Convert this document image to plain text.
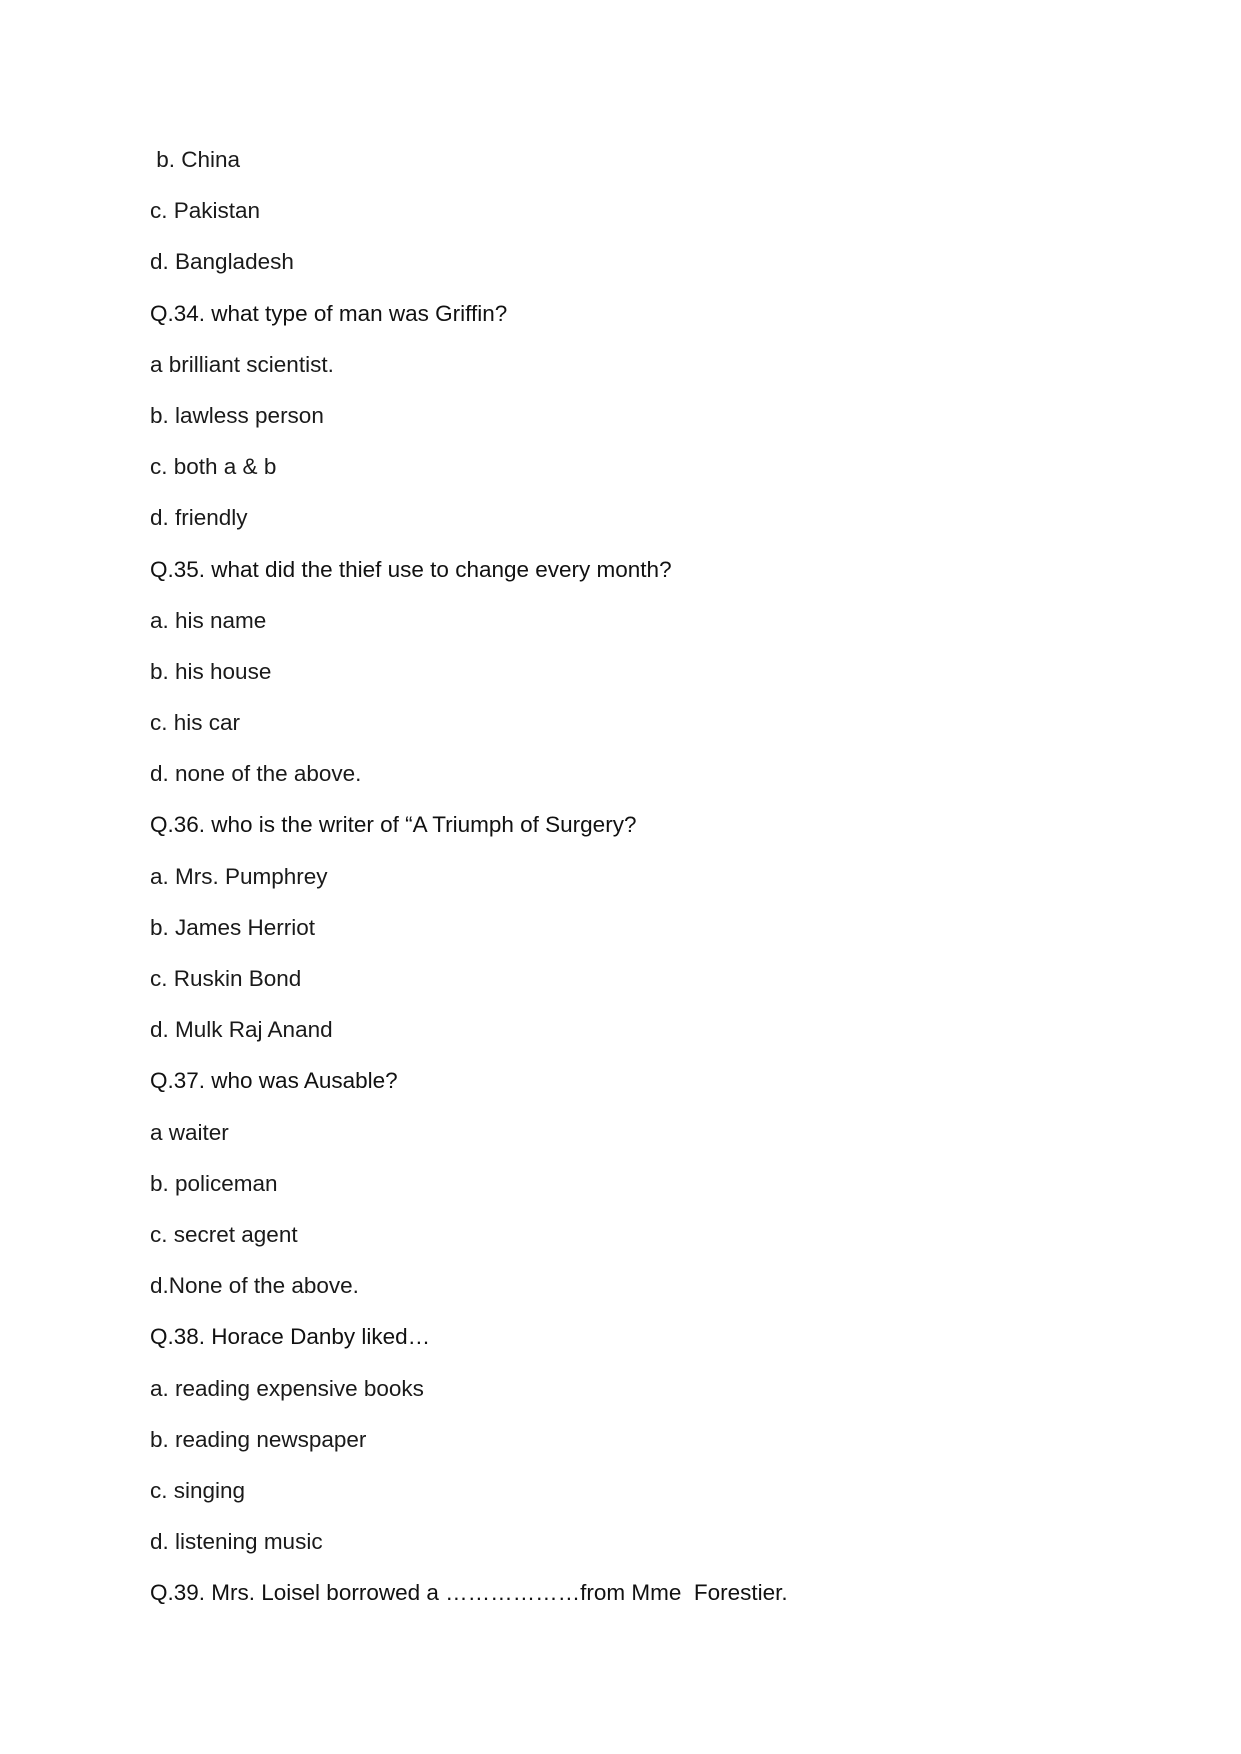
b. China
c. Pakistan
d. Bangladesh
Q.34. what type of man was Griffin?
a brilliant scientist.
b. lawless person
c. both a & b
d. friendly
Q.35. what did the thief use to change every month?
a. his name
b. his house
c. his car
d. none of the above.
Q.36. who is the writer of “A Triumph of Surgery?
a. Mrs. Pumphrey
b. James Herriot
c. Ruskin Bond
d. Mulk Raj Anand
Q.37. who was Ausable?
a waiter
b. policeman
c. secret agent
d.None of the above.
Q.38. Horace Danby liked…
a. reading expensive books
b. reading newspaper
c. singing
d. listening music
Q.39. Mrs. Loisel borrowed a ………………from Mme  Forestier.
